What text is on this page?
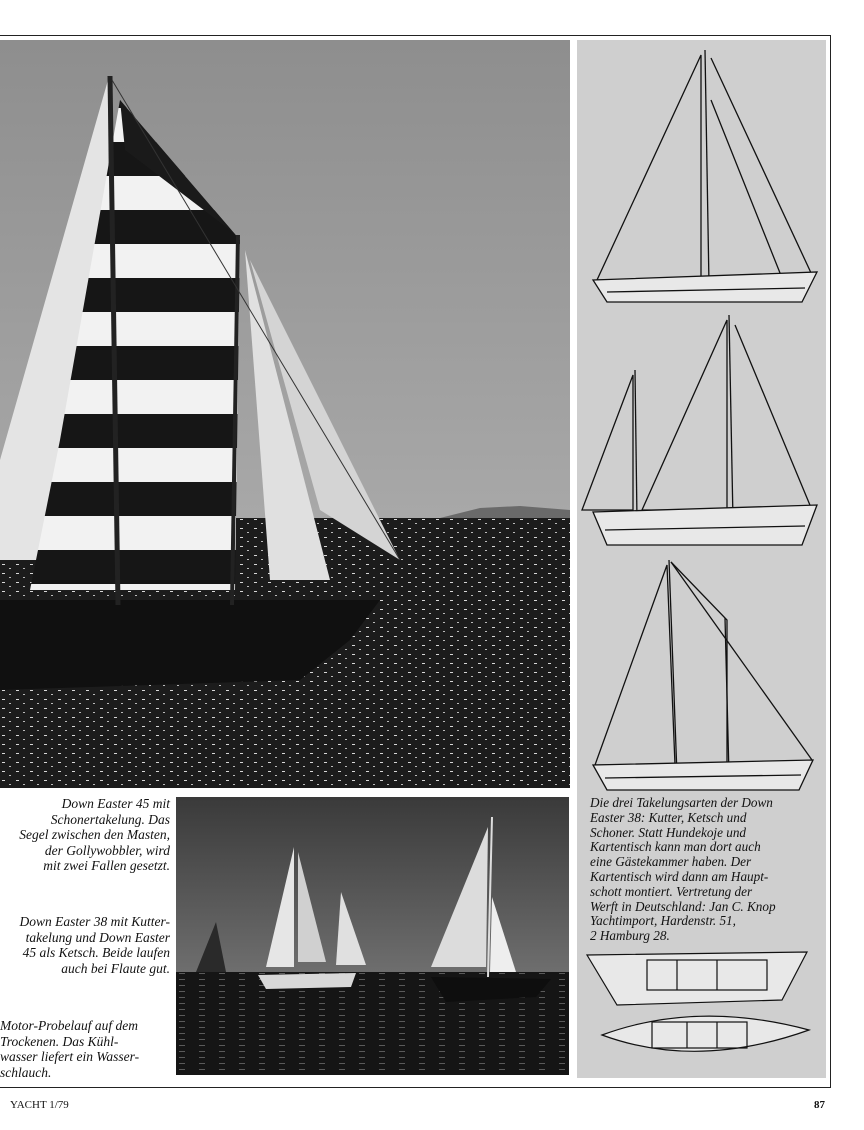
Down Easter 45 mit
Schonertakelung. Das
Segel zwischen den Masten,
der Gollywobbler, wird
mit zwei Fallen gesetzt.
Down Easter 38 mit Kutter-
takelung und Down Easter
45 als Ketsch. Beide laufen
auch bei Flaute gut.
Motor-Probelauf auf dem
Trockenen. Das Kühl-
wasser liefert ein Wasser-
schlauch.
Die drei Takelungsarten der Down
Easter 38: Kutter, Ketsch und
Schoner. Statt Hundekoje und
Kartentisch kann man dort auch
eine Gästekammer haben. Der
Kartentisch wird dann am Haupt-
schott montiert. Vertretung der
Werft in Deutschland: Jan C. Knop
Yachtimport, Hardenstr. 51,
2 Hamburg 28.
YACHT 1/79	87
